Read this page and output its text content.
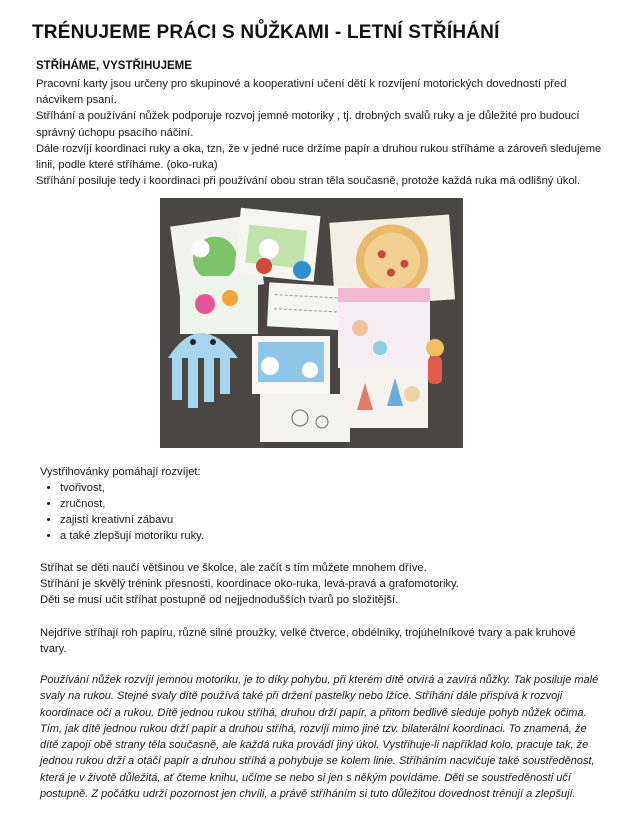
TRÉNUJEME PRÁCI S NŮŽKAMI - LETNÍ STŘÍHÁNÍ
STŘÍHÁME, VYSTŘIHUJEME

Pracovní karty jsou určeny pro skupinové a kooperativní učení dětí k rozvíjení motorických dovedností před nácvikem psaní.

Stříhání a používání nůžek podporuje rozvoj jemné motoriky , tj. drobných svalů ruky a je důležité pro budoucí správný úchopu psacího náčiní.

Dále rozvíjí koordinaci ruky a oka, tzn, že v jedné ruce držíme papír a druhou rukou stříháme a zároveň sledujeme linii, podle které stříháme. (oko-ruka)

Stříhání posiluje tedy i koordinaci při používání obou stran těla současně, protože každá ruka má odlišný úkol.

Vystřihovánky pomáhají rozvíjet:

• tvořivost,
• zručnost,
• zajistí kreativní zábavu
• a také zlepšují motoriku ruky.

Stříhat se děti naučí většinou ve školce, ale začít s tím můžete mnohem dříve.

Stříhání je skvělý trénink přesnosti, koordinace oko-ruka, levá-pravá a grafomotoriky.

Děti se musí učit stříhat postupně od nejjednodušších tvarů po složitější.

Nejdříve stříhají roh papíru, různě silné proužky, velké čtverce, obdélníky, trojúhelníkové tvary a pak kruhové tvary.

Používání nůžek rozvíjí jemnou motoriku, je to díky pohybu, při kterém dítě otvírá a zavírá nůžky. Tak posiluje malé svaly na rukou. Stejné svaly dítě používá také při držení pastelky nebo lžíce. Stříhání dále přispívá k rozvoji koordinace očí a rukou. Dítě jednou rukou stříhá, druhou drží papír, a přitom bedlivě sleduje pohyb nůžek očima. Tím, jak dítě jednou rukou drží papír a druhou stříhá, rozvíjí mimo jiné tzv. bilaterální koordinaci. To znamená, že dítě zapojí obě strany těla současně, ale každá ruka provádí jiný úkol. Vystřihuje-li například kolo, pracuje tak, že jednou rukou drží a otáčí papír a druhou stříhá a pohybuje se kolem linie. Stříháním nacvičuje také soustředěnost, která je v životě důležitá, ať čteme knihu, učíme se nebo si jen s někým povídáme. Děti se soustředěnosti učí postupně. Z počátku udrží pozornost jen chvíli, a právě stříháním si tuto důležitou dovednost trénují a zlepšují.
